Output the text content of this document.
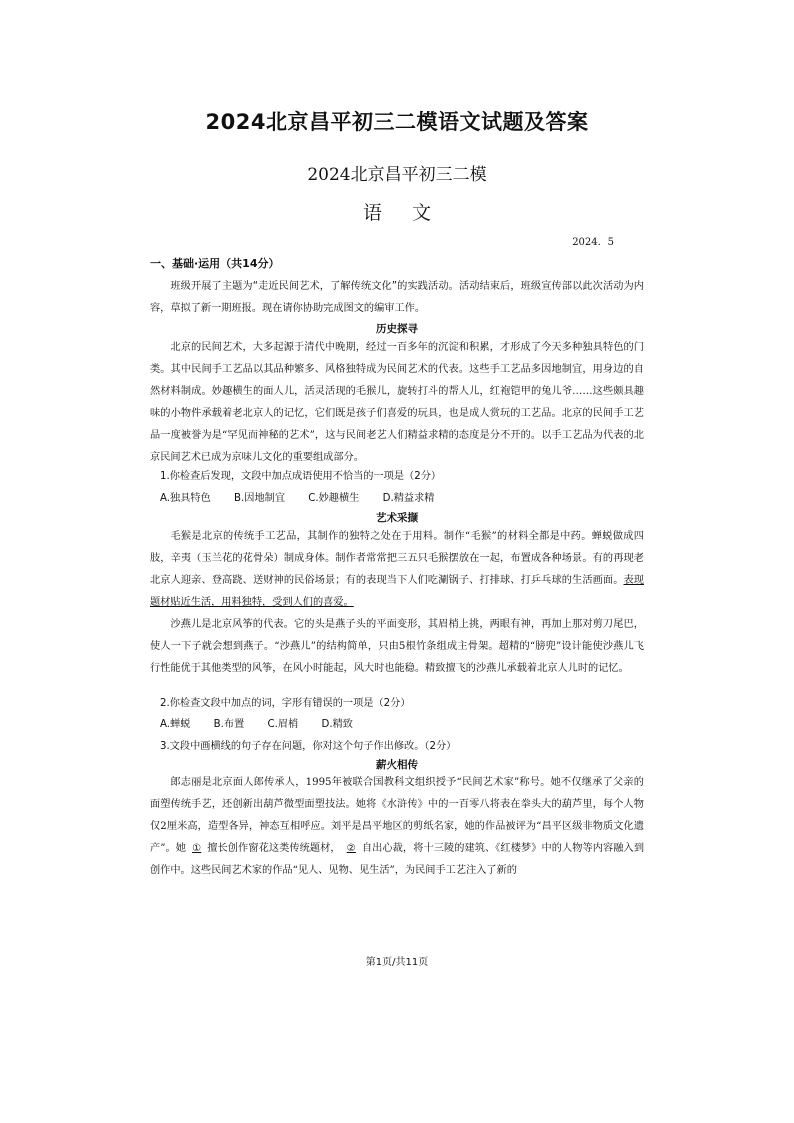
2024北京昌平初三二模语文试题及答案
2024北京昌平初三二模
语文
2024．5
一、基础·运用（共14分）

班级开展了主题为“走近民间艺术，了解传统文化”的实践活动。活动结束后，班级宣传部以此次活动为内容，草拟了新一期班报。现在请你协助完成图文的编审工作。

历史探寻

北京的民间艺术，大多起源于清代中晚期，经过一百多年的沉淀和积累，才形成了今天多种独具特色的门类。其中民间手工艺品以其品种繁多、风格独特成为民间艺术的代表。这些手工艺品多因地制宜，用身边的自然材料制成。妙趣横生的面人儿，活灵活现的毛猴儿，旋转打斗的帮人儿，红袍铠甲的兔儿爷……这些颇具趣味的小物件承载着老北京人的记忆，它们既是孩子们喜爱的玩具，也是成人赏玩的工艺品。北京的民间手工艺品一度被誉为是“罕见而神秘的艺术”，这与民间老艺人们精益求精的态度是分不开的。以手工艺品为代表的北京民间艺术已成为京味儿文化的重要组成部分。

1.你检查后发现，文段中加点成语使用不恰当的一项是（2分）
A.独具特色 B.因地制宜 C.妙趣横生 D.精益求精
艺术采撷

毛猴是北京的传统手工艺品，其制作的独特之处在于用料。制作“毛猴”的材料全都是中药。蝉蜕做成四肢，辛夷（玉兰花的花骨朵）制成身体。制作者常常把三五只毛猴摆放在一起，布置成各种场景。有的再现老北京人迎亲、登高跷、送财神的民俗场景；有的表现当下人们吃涮锅子、打排球、打乒乓球的生活画面。表现题材贴近生活，用料独特，受到人们的喜爱。

沙燕儿是北京风筝的代表。它的头是燕子头的平面变形，其眉梢上挑，两眼有神，再加上那对剪刀尾巴，使人一下子就会想到燕子。“沙燕儿”的结构简单，只由5根竹条组成主骨架。超精的“膀兜”设计能使沙燕儿飞行性能优于其他类型的风筝，在风小时能起，风大时也能稳。精致擅飞的沙燕儿承载着北京人儿时的记忆。

2.你检查文段中加点的词，字形有错误的一项是（2分）
A.蝉蜕 B.布置 C.眉梢 D.精致
3.文段中画横线的句子存在问题，你对这个句子作出修改。（2分）
薪火相传

郎志丽是北京面人郎传承人，1995年被联合国教科文组织授予“民间艺术家”称号。她不仅继承了父亲的面塑传统手艺，还创新出葫芦微型面塑技法。她将《水浒传》中的一百零八将表在拳头大的葫芦里，每个人物仅2厘米高，造型各异，神态互相呼应。刘平是昌平地区的剪纸名家，她的作品被评为“昌平区级非物质文化遗产”。她 ① 擅长创作窗花这类传统题材， ② 自出心裁，将十三陵的建筑、《红楼梦》中的人物等内容融入到创作中。这些民间艺术家的作品“见人、见物、见生活”，为民间手工艺注入了新的

第1页/共11页
